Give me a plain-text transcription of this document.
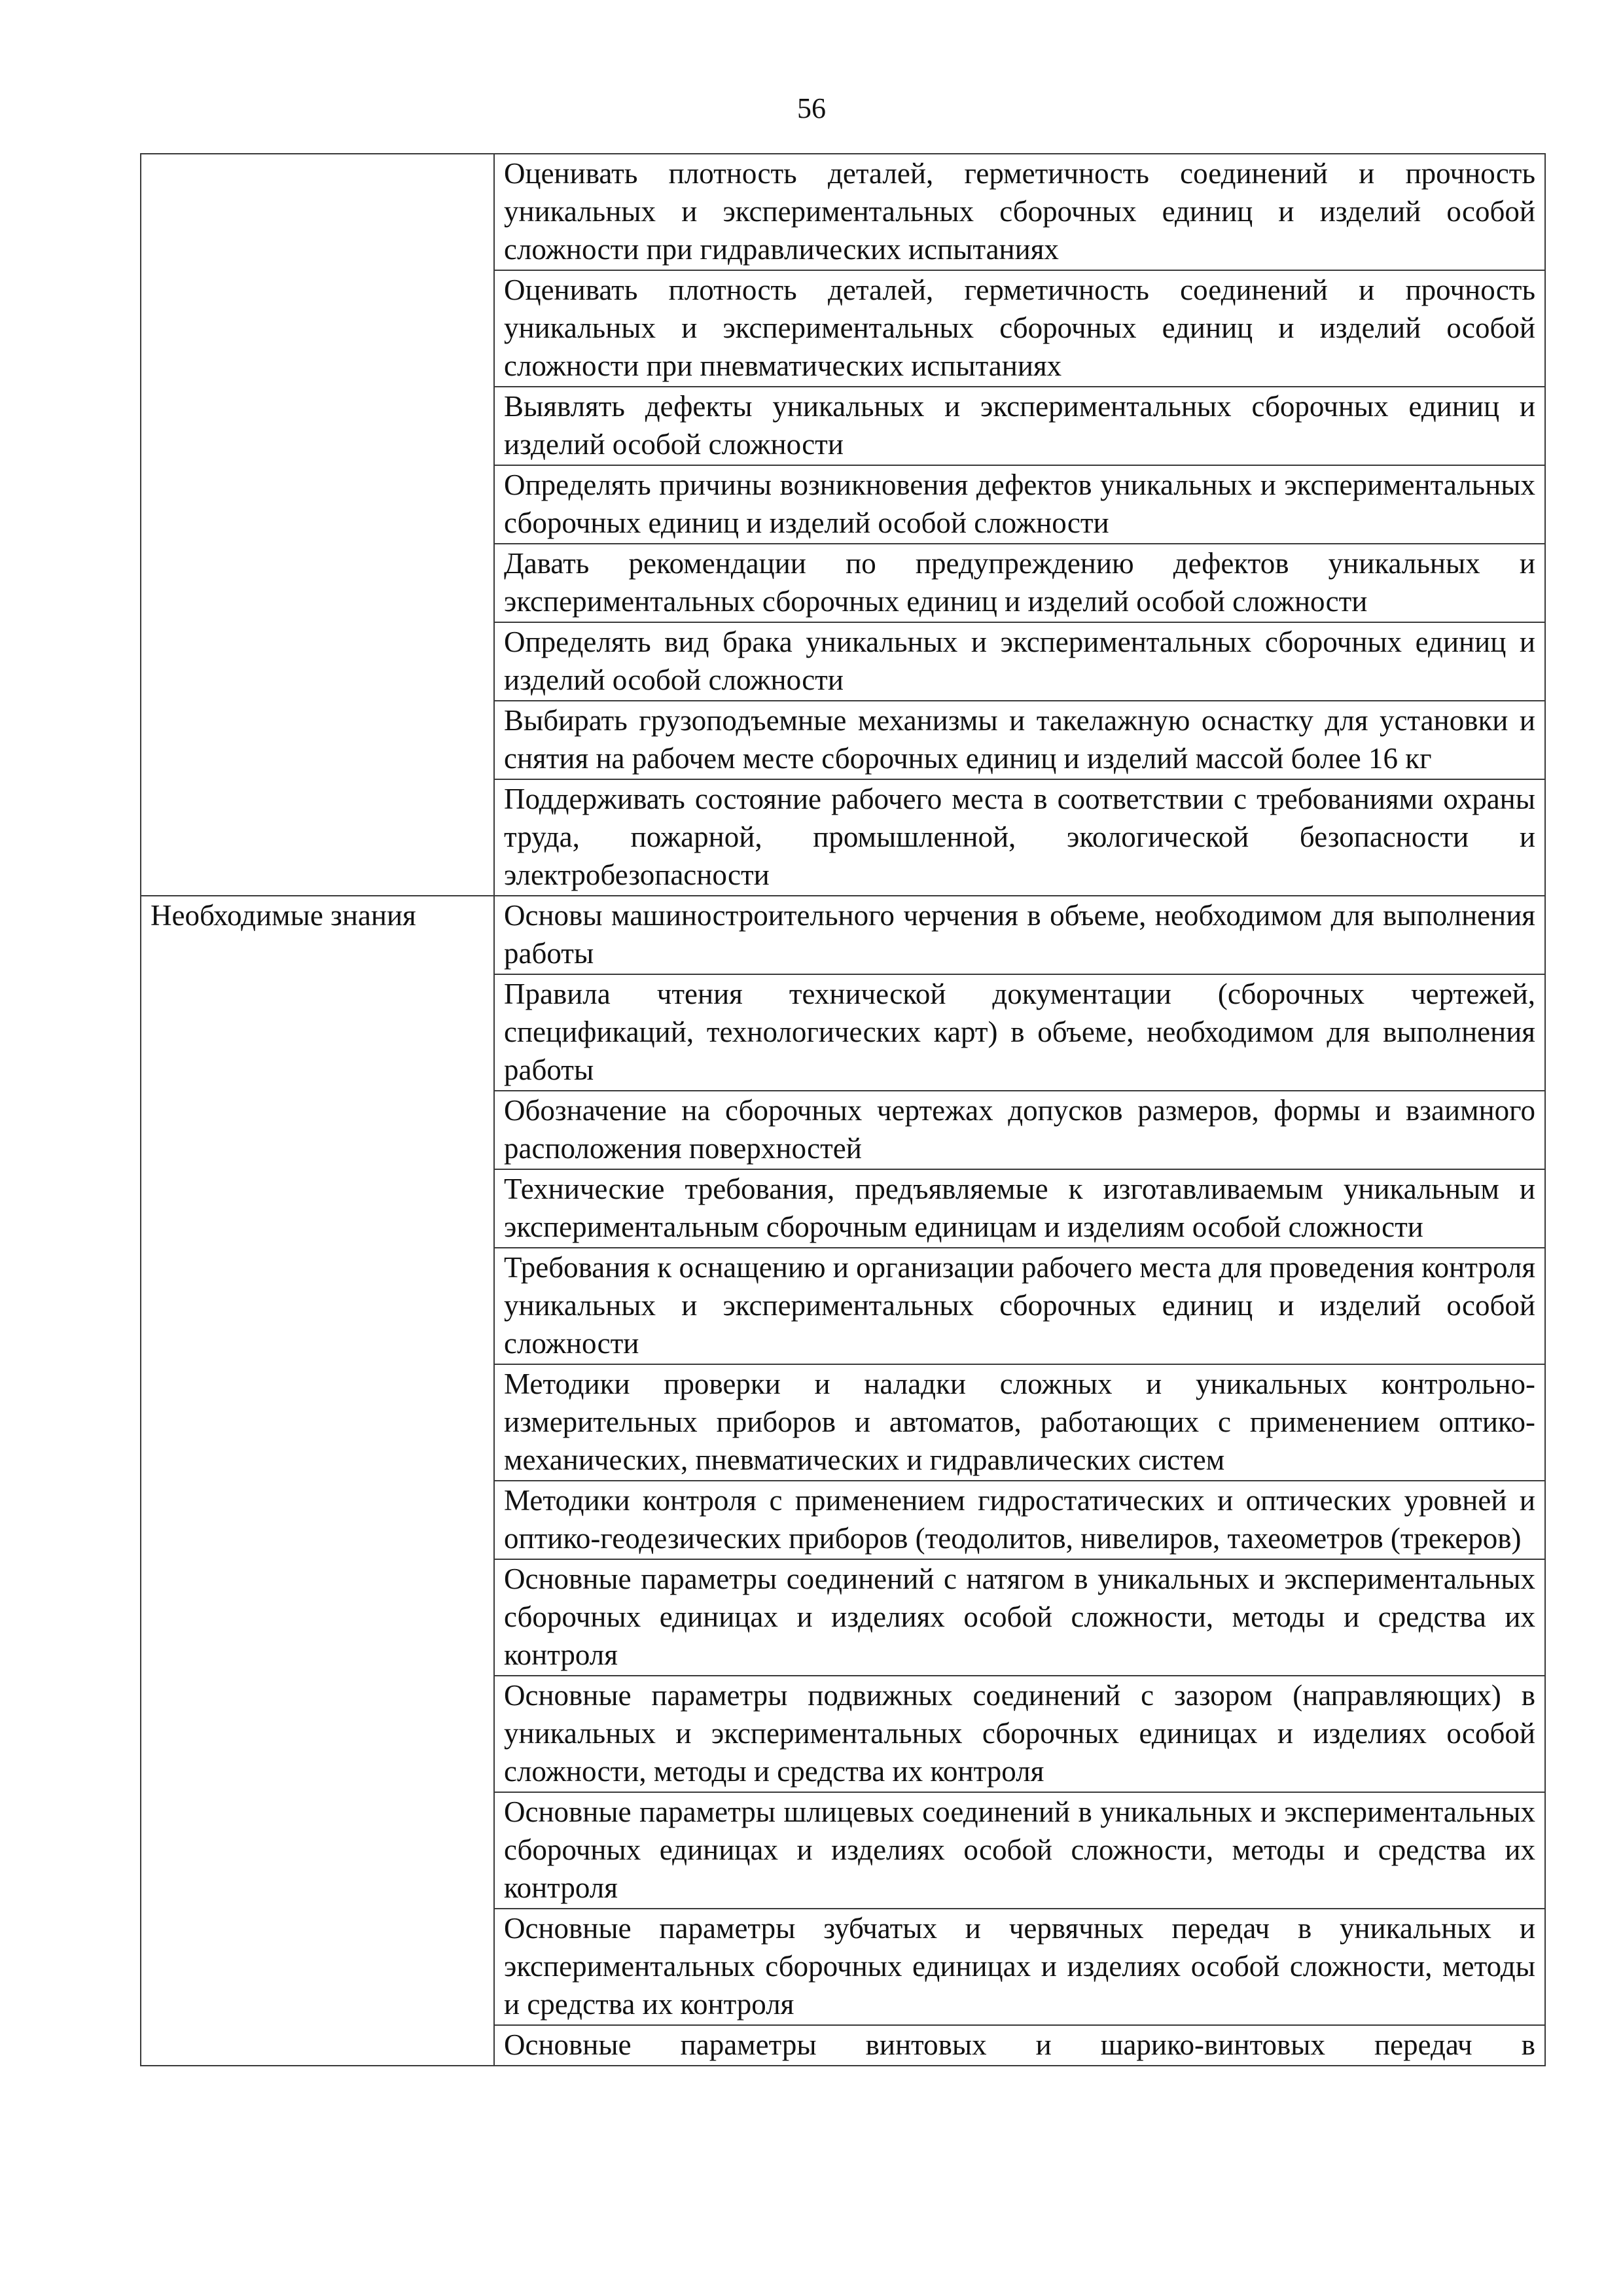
56
	Оценивать плотность деталей, герметичность соединений и прочность уникальных и экспериментальных сборочных единиц и изделий особой сложности при гидравлических испытаниях
	Оценивать плотность деталей, герметичность соединений и прочность уникальных и экспериментальных сборочных единиц и изделий особой сложности при пневматических испытаниях
	Выявлять дефекты уникальных и экспериментальных сборочных единиц и изделий особой сложности
	Определять причины возникновения дефектов уникальных и экспериментальных сборочных единиц и изделий особой сложности
	Давать рекомендации по предупреждению дефектов уникальных и экспериментальных сборочных единиц и изделий особой сложности
	Определять вид брака уникальных и экспериментальных сборочных единиц и изделий особой сложности
	Выбирать грузоподъемные механизмы и такелажную оснастку для установки и снятия на рабочем месте сборочных единиц и изделий массой более 16 кг
	Поддерживать состояние рабочего места в соответствии с требованиями охраны труда, пожарной, промышленной, экологической безопасности и электробезопасности
Необходимые знания	Основы машиностроительного черчения в объеме, необходимом для выполнения работы
	Правила чтения технической документации (сборочных чертежей, спецификаций, технологических карт) в объеме, необходимом для выполнения работы
	Обозначение на сборочных чертежах допусков размеров, формы и взаимного расположения поверхностей
	Технические требования, предъявляемые к изготавливаемым уникальным и экспериментальным сборочным единицам и изделиям особой сложности
	Требования к оснащению и организации рабочего места для проведения контроля уникальных и экспериментальных сборочных единиц и изделий особой сложности
	Методики проверки и наладки сложных и уникальных контрольно-измерительных приборов и автоматов, работающих с применением оптико-механических, пневматических и гидравлических систем
	Методики контроля с применением гидростатических и оптических уровней и оптико-геодезических приборов (теодолитов, нивелиров, тахеометров (трекеров)
	Основные параметры соединений с натягом в уникальных и экспериментальных сборочных единицах и изделиях особой сложности, методы и средства их контроля
	Основные параметры подвижных соединений с зазором (направляющих) в уникальных и экспериментальных сборочных единицах и изделиях особой сложности, методы и средства их контроля
	Основные параметры шлицевых соединений в уникальных и экспериментальных сборочных единицах и изделиях особой сложности, методы и средства их контроля
	Основные параметры зубчатых и червячных передач в уникальных и экспериментальных сборочных единицах и изделиях особой сложности, методы и средства их контроля
	Основные параметры винтовых и шарико-винтовых передач в
